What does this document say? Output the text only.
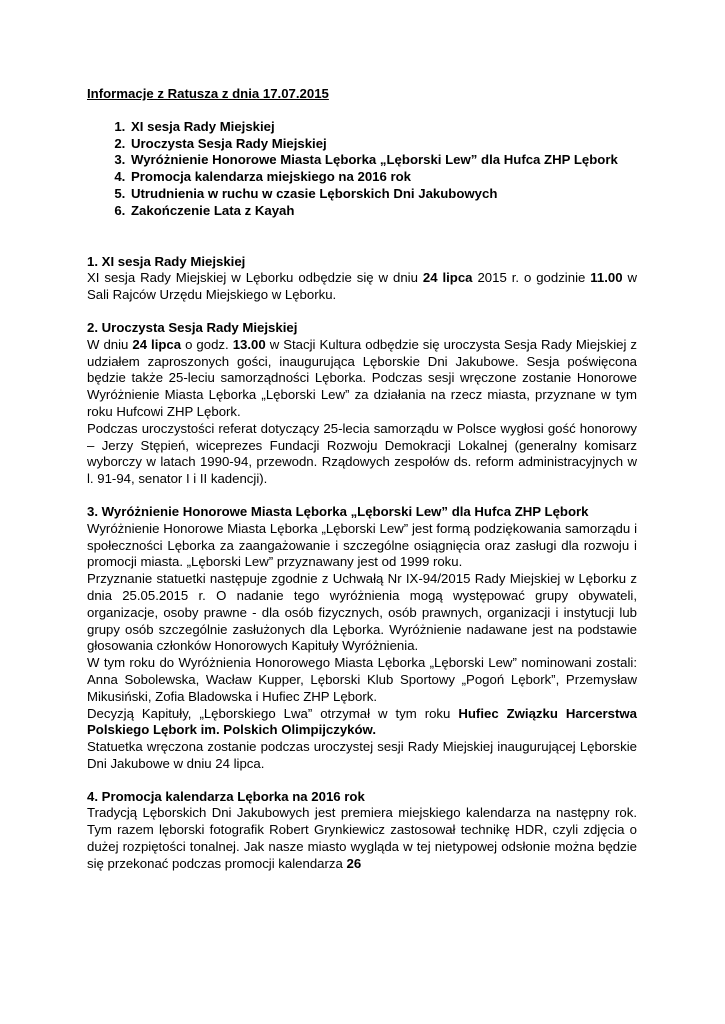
Informacje z Ratusza z dnia 17.07.2015

1. XI sesja Rady Miejskiej
2. Uroczysta Sesja Rady Miejskiej
3. Wyróżnienie Honorowe Miasta Lęborka „Lęborski Lew” dla Hufca ZHP Lębork
4. Promocja kalendarza miejskiego na 2016 rok
5. Utrudnienia w ruchu w czasie Lęborskich Dni Jakubowych
6. Zakończenie Lata z Kayah
1. XI sesja Rady Miejskiej

XI sesja Rady Miejskiej w Lęborku odbędzie się w dniu 24 lipca 2015 r. o godzinie 11.00 w Sali Rajców Urzędu Miejskiego w Lęborku.

2. Uroczysta Sesja Rady Miejskiej

W dniu 24 lipca o godz. 13.00 w Stacji Kultura odbędzie się uroczysta Sesja Rady Miejskiej z udziałem zaproszonych gości, inaugurująca Lęborskie Dni Jakubowe. Sesja poświęcona będzie także 25-leciu samorządności Lęborka. Podczas sesji wręczone zostanie Honorowe Wyróżnienie Miasta Lęborka „Lęborski Lew” za działania na rzecz miasta, przyznane w tym roku Hufcowi ZHP Lębork.

Podczas uroczystości referat dotyczący 25-lecia samorządu w Polsce wygłosi gość honorowy – Jerzy Stępień, wiceprezes Fundacji Rozwoju Demokracji Lokalnej (generalny komisarz wyborczy w latach 1990-94, przewodn. Rządowych zespołów ds. reform administracyjnych w l. 91-94, senator I i II kadencji).

3. Wyróżnienie Honorowe Miasta Lęborka „Lęborski Lew” dla Hufca ZHP Lębork

Wyróżnienie Honorowe Miasta Lęborka „Lęborski Lew” jest formą podziękowania samorządu i społeczności Lęborka za zaangażowanie i szczególne osiągnięcia oraz zasługi dla rozwoju i promocji miasta. „Lęborski Lew” przyznawany jest od 1999 roku.

Przyznanie statuetki następuje zgodnie z Uchwałą Nr IX-94/2015 Rady Miejskiej w Lęborku z dnia 25.05.2015 r. O nadanie tego wyróżnienia mogą występować grupy obywateli, organizacje, osoby prawne - dla osób fizycznych, osób prawnych, organizacji i instytucji lub grupy osób szczególnie zasłużonych dla Lęborka. Wyróżnienie nadawane jest na podstawie głosowania członków Honorowych Kapituły Wyróżnienia.

W tym roku do Wyróżnienia Honorowego Miasta Lęborka „Lęborski Lew” nominowani zostali: Anna Sobolewska, Wacław Kupper, Lęborski Klub Sportowy „Pogoń Lębork”, Przemysław Mikusiński, Zofia Bladowska i Hufiec ZHP Lębork.

Decyzją Kapituły, „Lęborskiego Lwa” otrzymał w tym roku Hufiec Związku Harcerstwa Polskiego Lębork im. Polskich Olimpijczyków.

Statuetka wręczona zostanie podczas uroczystej sesji Rady Miejskiej inaugurującej Lęborskie Dni Jakubowe w dniu 24 lipca.

4. Promocja kalendarza Lęborka na 2016 rok

Tradycją Lęborskich Dni Jakubowych jest premiera miejskiego kalendarza na następny rok. Tym razem lęborski fotografik Robert Grynkiewicz zastosował technikę HDR, czyli zdjęcia o dużej rozpiętości tonalnej. Jak nasze miasto wygląda w tej nietypowej odsłonie można będzie się przekonać podczas promocji kalendarza 26
